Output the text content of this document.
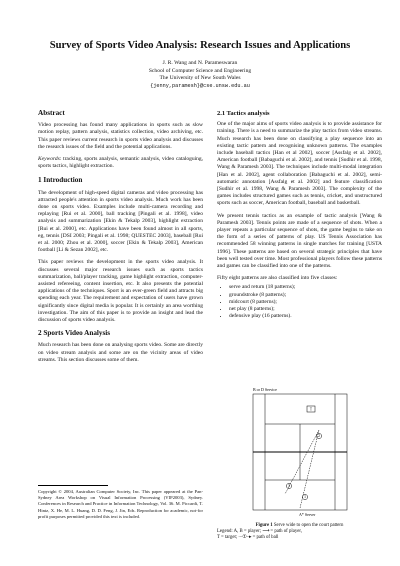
Survey of Sports Video Analysis: Research Issues and Applications
J. R. Wang and N. Parameswaran
School of Computer Science and Engineering
The University of New South Wales
{jenny,paramesh}@cse.unsw.edu.au
Abstract

Video processing has found many applications in sports such as slow motion replay, pattern analysis, statistics collection, video archiving, etc. This paper reviews current research in sports video analysis and discusses the research issues of the field and the potential applications.

Keywords: tracking, sports analysis, semantic analysis, video cataloguing, sports tactics, highlight extraction.

1 Introduction

The development of high-speed digital cameras and video processing has attracted people's attention in sports video analysis. Much work has been done on sports video. Examples include multi-camera recording and replaying [Rui et al. 2000], ball tracking [Pingali et al. 1998], video analysis and summarization [Ekin & Tekalp 2003], highlight extraction [Rui et al. 2000], etc. Applications have been found almost in all sports, eg, tennis [DSI 2003; Pingali et al. 1998; QUESTEC 2003], baseball [Rui et al. 2000; Zhou et al. 2000], soccer [Ekin & Tekalp 2003], American football [Li & Sezan 2002], etc.

This paper reviews the development in the sports video analysis. It discusses several major research issues such as sports tactics summarization, ball/player tracking, game highlight extraction, computer-assisted refereeing, content insertion, etc. It also presents the potential applications of the techniques. Sport is an ever-green field and attracts big spending each year. The requirement and expectation of users have grown significantly since digital media is popular. It is certainly an area worthing investigation. The aim of this paper is to provide an insight and lead the discussion of sports video analysis.

2 Sports Video Analysis

Much research has been done on analysing sports video. Some are directly on video stream analysis and some are on the vicinity areas of video streams. This section discusses some of them.

Copyright © 2004, Australian Computer Society, Inc. This paper appeared at the Pan-Sydney Area Workshop on Visual Information Processing (VIP2003), Sydney. Conferences in Research and Practice in Information Technology, Vol. 36. M. Piccardi, T. Hintz, X. He, M. L. Huang, D. D. Feng, J. Jin, Eds. Reproduction for academic, not-for profit purposes permitted provided this text is included.
2.1 Tactics analysis

One of the major aims of sports video analysis is to provide assistance for training. There is a need to summarize the play tactics from video streams. Much research has been done on classifying a play sequence into an existing tactic pattern and recognising unknown patterns. The examples include baseball tactics [Han et al 2002], soccer [Assfalg et al. 2002], American football [Babaguchi et al. 2002], and tennis [Sudhir et al. 1998, Wang & Paramesh 2003]. The techniques include multi-modal integration [Han et al. 2002], agent collaboration [Babaguchi et al. 2002], semi-automatic annotation [Assfalg et al. 2002] and feature classification [Sudhir et al. 1998, Wang & Paramesh 2003]. The complexity of the games includes structured games such as tennis, cricket, and unstructured sports such as soccer, American football, baseball and basketball.

We present tennis tactics as an example of tactic analysis [Wang & Paramesh 2003]. Tennis points are made of a sequence of shots. When a player repeats a particular sequence of shots, the game begins to take on the form of a series of patterns of play. US Tennis Association has recommended 58 winning patterns in single matches for training [USTA 1996]. These patterns are based on several strategic principles that have been well tested over time. Most professional players follow these patterns and games can be classified into one of the patterns.

Fifty eight patterns are also classified into five classes:

• serve and return (18 patterns);
• groundstroke (8 patterns);
• midcourt (8 patterns);
• net play (8 patterns);
• defensive play (16 patterns).
B or D Service
T
1
2
3
A* Server
Figure 1 Serve wide to open the court pattern
Legend: A, B = player; ⟶ = path of player,
T = target; ·–①–▸ = path of ball
